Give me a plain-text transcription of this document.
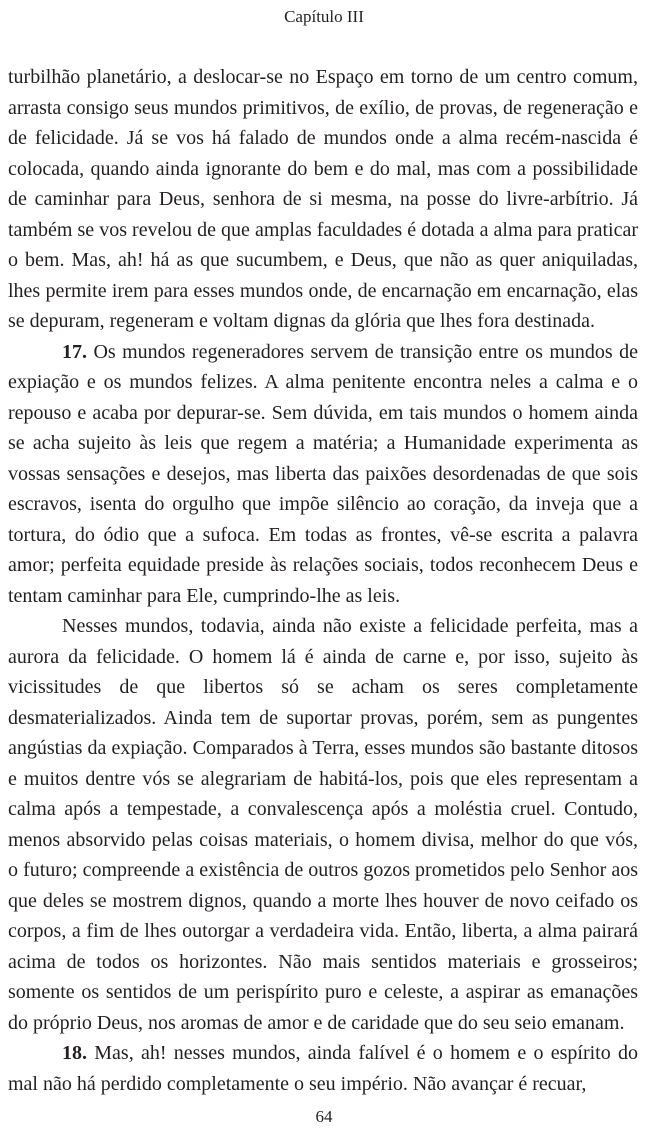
Capítulo III

turbilhão planetário, a deslocar-se no Espaço em torno de um centro comum, arrasta consigo seus mundos primitivos, de exílio, de provas, de regeneração e de felicidade. Já se vos há falado de mundos onde a alma recém-nascida é colocada, quando ainda ignorante do bem e do mal, mas com a possibilidade de caminhar para Deus, senhora de si mesma, na posse do livre-arbítrio. Já também se vos revelou de que amplas faculdades é dotada a alma para praticar o bem. Mas, ah! há as que sucumbem, e Deus, que não as quer aniquiladas, lhes permite irem para esses mundos onde, de encarnação em encarnação, elas se depuram, regeneram e voltam dignas da glória que lhes fora destinada.

17. Os mundos regeneradores servem de transição entre os mundos de expiação e os mundos felizes. A alma penitente encontra neles a calma e o repouso e acaba por depurar-se. Sem dúvida, em tais mundos o homem ainda se acha sujeito às leis que regem a matéria; a Humanidade experimenta as vossas sensações e desejos, mas liberta das paixões desordenadas de que sois escravos, isenta do orgulho que impõe silêncio ao coração, da inveja que a tortura, do ódio que a sufoca. Em todas as frontes, vê-se escrita a palavra amor; perfeita equidade preside às relações sociais, todos reconhecem Deus e tentam caminhar para Ele, cumprindo-lhe as leis.

Nesses mundos, todavia, ainda não existe a felicidade perfeita, mas a aurora da felicidade. O homem lá é ainda de carne e, por isso, sujeito às vicissitudes de que libertos só se acham os seres completamente desmaterializados. Ainda tem de suportar provas, porém, sem as pungentes angústias da expiação. Comparados à Terra, esses mundos são bastante ditosos e muitos dentre vós se alegrariam de habitá-los, pois que eles representam a calma após a tempestade, a convalescença após a moléstia cruel. Contudo, menos absorvido pelas coisas materiais, o homem divisa, melhor do que vós, o futuro; compreende a existência de outros gozos prometidos pelo Senhor aos que deles se mostrem dignos, quando a morte lhes houver de novo ceifado os corpos, a fim de lhes outorgar a verdadeira vida. Então, liberta, a alma pairará acima de todos os horizontes. Não mais sentidos materiais e grosseiros; somente os sentidos de um perispírito puro e celeste, a aspirar as emanações do próprio Deus, nos aromas de amor e de caridade que do seu seio emanam.

18. Mas, ah! nesses mundos, ainda falível é o homem e o espírito do mal não há perdido completamente o seu império. Não avançar é recuar,

64
